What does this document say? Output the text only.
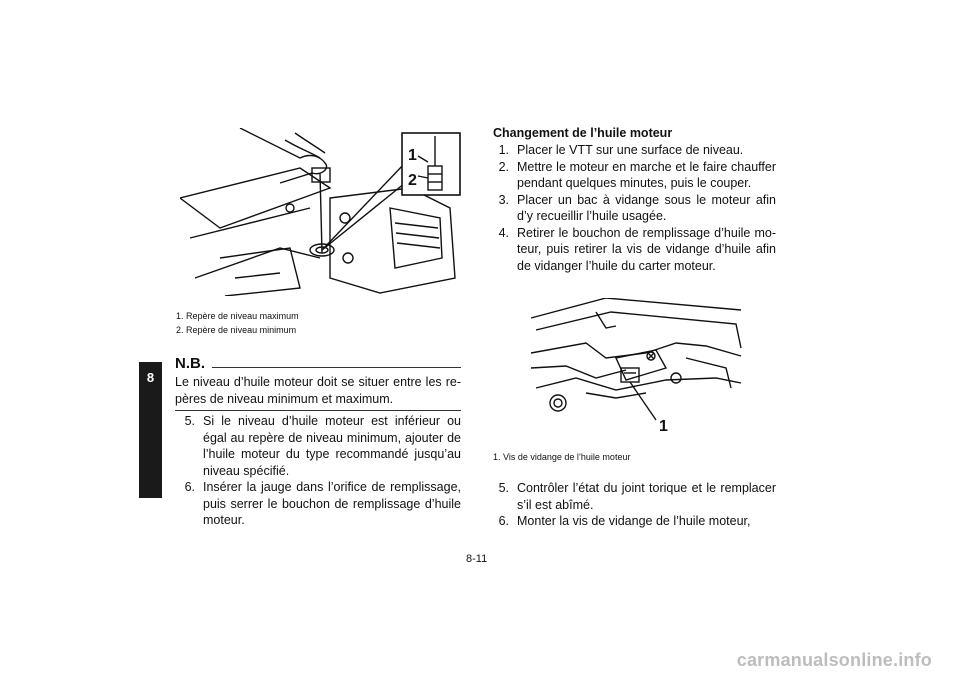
8
1
2
1. Repère de niveau maximum
2. Repère de niveau minimum
N.B.
Le niveau d’huile moteur doit se situer entre les re-pères de niveau minimum et maximum.
5. Si le niveau d’huile moteur est inférieur ou égal au repère de niveau minimum, ajouter de l’huile moteur du type recommandé jusqu’au niveau spécifié.
6. Insérer la jauge dans l’orifice de remplissage, puis serrer le bouchon de remplissage d’huile moteur.
Changement de l’huile moteur
1. Placer le VTT sur une surface de niveau.
2. Mettre le moteur en marche et le faire chauffer pendant quelques minutes, puis le couper.
3. Placer un bac à vidange sous le moteur afin d’y recueillir l’huile usagée.
4. Retirer le bouchon de remplissage d’huile mo-teur, puis retirer la vis de vidange d’huile afin de vidanger l’huile du carter moteur.
1
1. Vis de vidange de l’huile moteur
5. Contrôler l’état du joint torique et le remplacer s’il est abîmé.
6. Monter la vis de vidange de l’huile moteur,
8-11
carmanualsonline.info
